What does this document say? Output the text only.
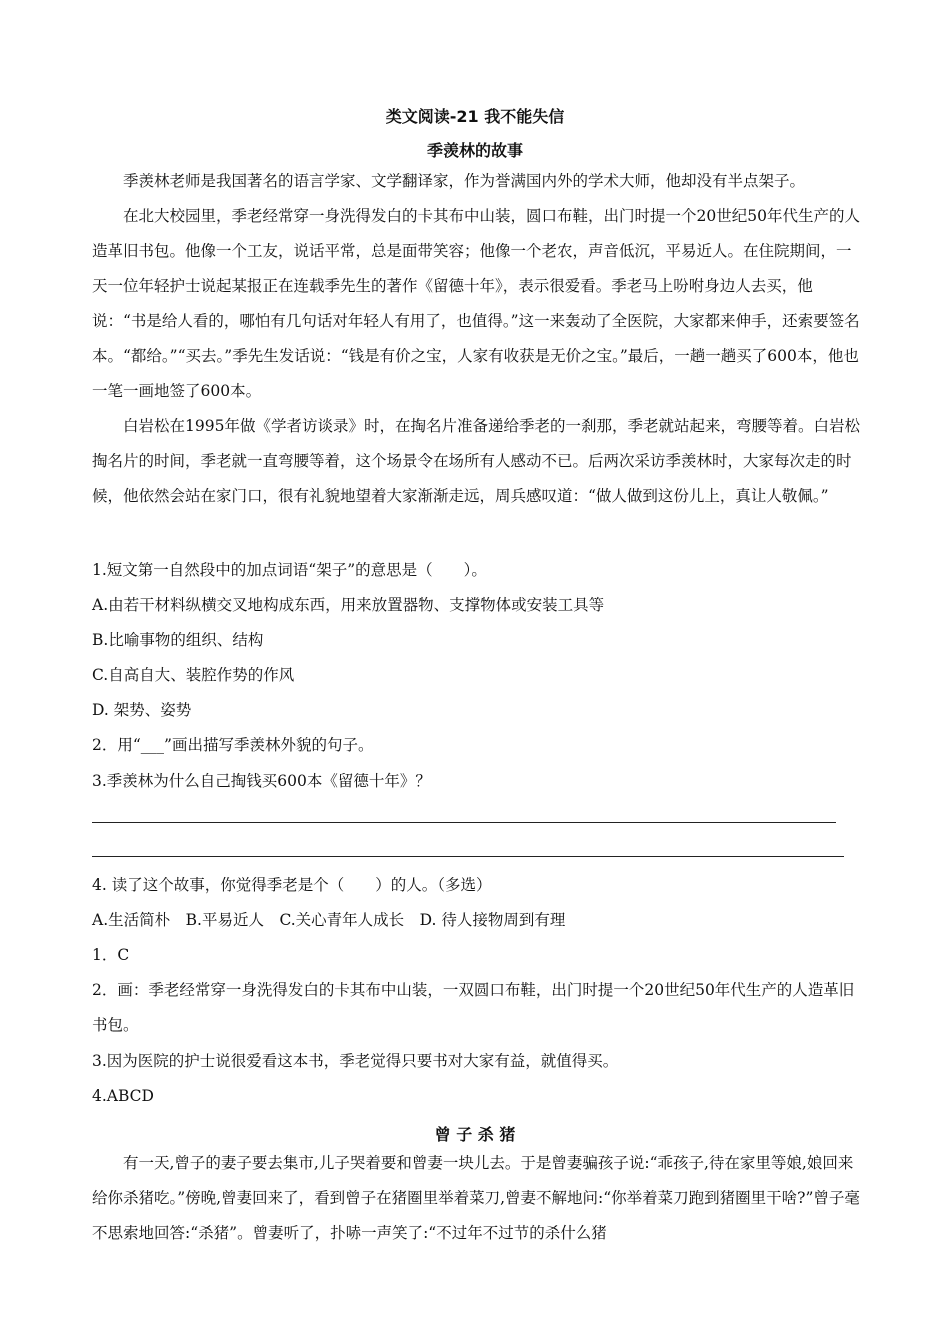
类文阅读-21 我不能失信
季羡林的故事

季羡林老师是我国著名的语言学家、文学翻译家，作为誉满国内外的学术大师，他却没有半点架子。

在北大校园里，季老经常穿一身洗得发白的卡其布中山装，圆口布鞋，出门时提一个20世纪50年代生产的人造革旧书包。他像一个工友，说话平常，总是面带笑容；他像一个老农，声音低沉，平易近人。在住院期间，一天一位年轻护士说起某报正在连载季先生的著作《留德十年》，表示很爱看。季老马上吩咐身边人去买，他说：“书是给人看的，哪怕有几句话对年轻人有用了，也值得。”这一来轰动了全医院，大家都来伸手，还索要签名本。“都给。”“买去。”季先生发话说：“钱是有价之宝，人家有收获是无价之宝。”最后，一趟一趟买了600本，他也一笔一画地签了600本。

白岩松在1995年做《学者访谈录》时，在掏名片准备递给季老的一刹那，季老就站起来，弯腰等着。白岩松掏名片的时间，季老就一直弯腰等着，这个场景令在场所有人感动不已。后两次采访季羡林时，大家每次走的时候，他依然会站在家门口，很有礼貌地望着大家渐渐走远，周兵感叹道：“做人做到这份儿上，真让人敬佩。”

1.短文第一自然段中的加点词语“架子”的意思是（　　）。
A.由若干材料纵横交叉地构成东西，用来放置器物、支撑物体或安装工具等
B.比喻事物的组织、结构
C.自高自大、装腔作势的作风
D. 架势、姿势
2．用“___”画出描写季羡林外貌的句子。
3.季羡林为什么自己掏钱买600本《留德十年》？
4. 读了这个故事，你觉得季老是个（　　）的人。（多选）
A.生活简朴　B.平易近人　C.关心青年人成长　D. 待人接物周到有理
1．C

2．画：季老经常穿一身洗得发白的卡其布中山装，一双圆口布鞋，出门时提一个20世纪50年代生产的人造革旧书包。

3.因为医院的护士说很爱看这本书，季老觉得只要书对大家有益，就值得买。
4.ABCD
曾 子 杀 猪

有一天,曾子的妻子要去集市,儿子哭着要和曾妻一块儿去。于是曾妻骗孩子说:“乖孩子,待在家里等娘,娘回来给你杀猪吃。”傍晚,曾妻回来了，看到曾子在猪圈里举着菜刀,曾妻不解地问:“你举着菜刀跑到猪圈里干啥?”曾子毫不思索地回答:“杀猪”。曾妻听了，扑哧一声笑了:“不过年不过节的杀什么猪
